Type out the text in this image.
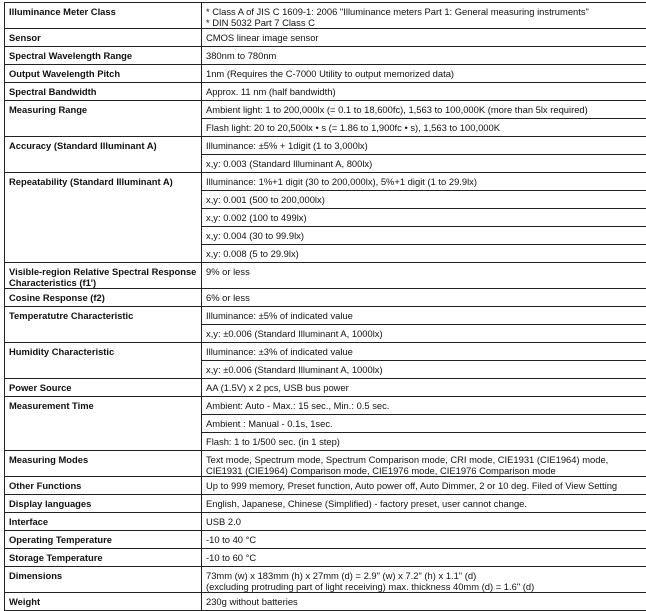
Illuminance Meter Class	* Class A of JIS C 1609-1: 2006 "Illuminance meters Part 1: General measuring instruments"
* DIN 5032 Part 7 Class C

Sensor	CMOS linear image sensor

Spectral Wavelength Range	380nm to 780nm

Output Wavelength Pitch	1nm (Requires the C-7000 Utility to output memorized data)

Spectral Bandwidth	Approx. 11 nm (half bandwidth)

Measuring Range	Ambient light: 1 to 200,000lx (= 0.1 to 18,600fc), 1,563 to 100,000K (more than 5lx required)

	Flash light: 20 to 20,500lx • s (= 1.86 to 1,900fc • s), 1,563 to 100,000K

Accuracy (Standard Illuminant A)	Illuminance: ±5% + 1digit (1 to 3,000lx)

	x,y: 0.003 (Standard Illuminant A, 800lx)

Repeatability (Standard Illuminant A)	Illuminance: 1%+1 digit (30 to 200,000lx), 5%+1 digit (1 to 29.9lx)

	x,y: 0.001 (500 to 200,000lx)

	x,y: 0.002 (100 to 499lx)

	x,y: 0.004 (30 to 99.9lx)

	x,y: 0.008 (5 to 29.9lx)

Visible-region Relative Spectral Response Characteristics (f1')	9% or less

Cosine Response (f2)	6% or less

Temperatutre Characteristic	Illuminance: ±5% of indicated value

	x,y: ±0.006 (Standard Illuminant A, 1000lx)

Humidity Characteristic	Illuminance: ±3% of indicated value

	x,y: ±0.006 (Standard Illuminant A, 1000lx)

Power Source	AA (1.5V) x 2 pcs, USB bus power

Measurement Time	Ambient: Auto - Max.: 15 sec., Min.: 0.5 sec.

	Ambient : Manual - 0.1s, 1sec.

	Flash: 1 to 1/500 sec. (in 1 step)

Measuring Modes	Text mode, Spectrum mode, Spectrum Comparison mode, CRI mode, CIE1931 (CIE1964) mode,
CIE1931 (CIE1964) Comparison mode, CIE1976 mode, CIE1976 Comparison mode

Other Functions	Up to 999 memory, Preset function, Auto power off, Auto Dimmer, 2 or 10 deg. Filed of View Setting

Display languages	English, Japanese, Chinese (Simplified) - factory preset, user cannot change.

Interface	USB 2.0

Operating Temperature	-10 to 40 °C

Storage Temperature	-10 to 60 °C

Dimensions	73mm (w) x 183mm (h) x 27mm (d) = 2.9" (w) x 7.2" (h) x 1.1" (d)
(excluding protruding part of light receiving) max. thickness 40mm (d) = 1.6" (d)

Weight	230g without batteries
